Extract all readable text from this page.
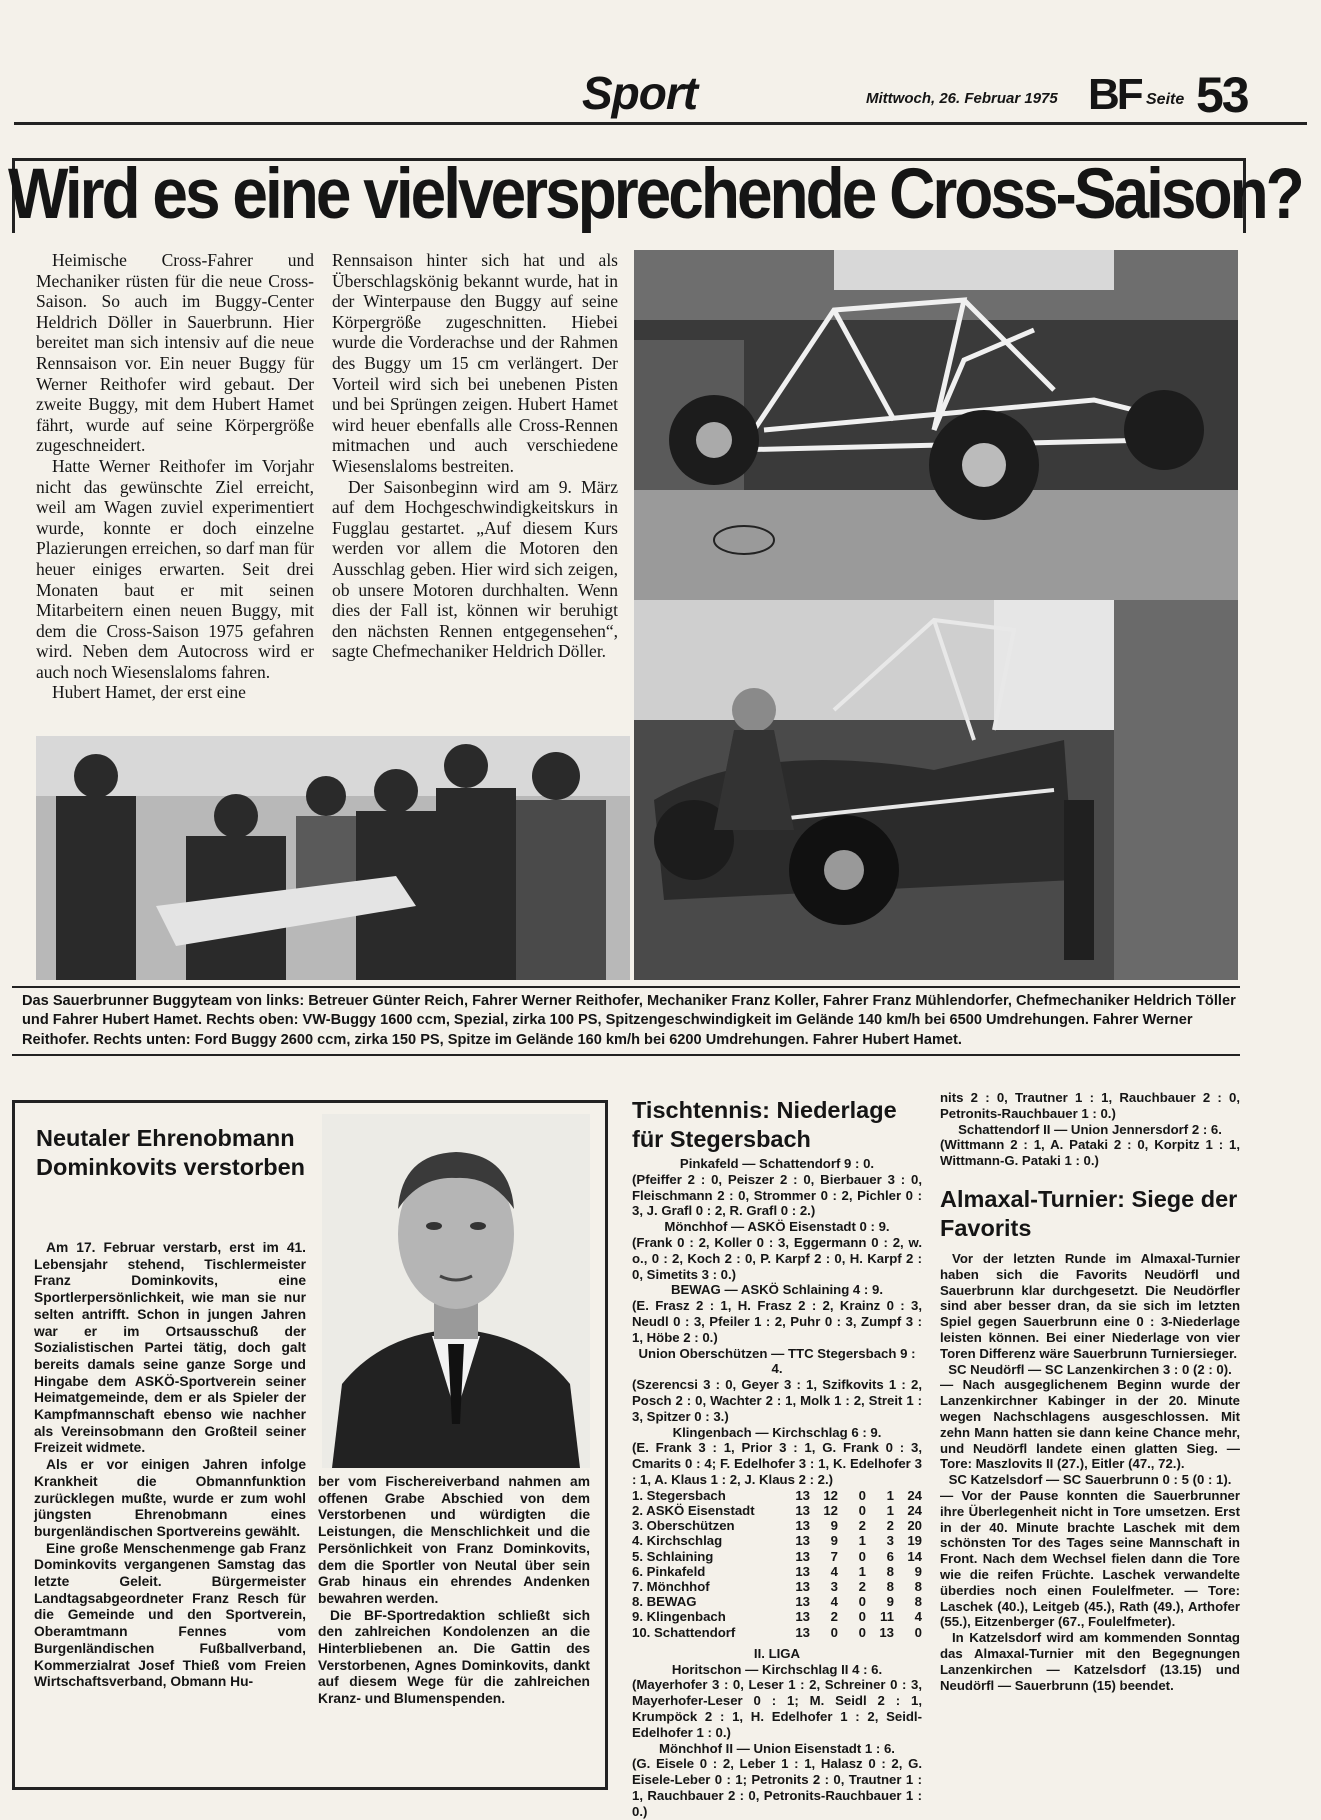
Sport	Mittwoch, 26. Februar 1975 BF Seite 53
Wird es eine vielversprechende Cross-Saison?

Heimische Cross-Fahrer und Mechaniker rüsten für die neue Cross-Saison. So auch im Buggy-Center Heldrich Döller in Sauerbrunn. Hier bereitet man sich intensiv auf die neue Rennsaison vor. Ein neuer Buggy für Werner Reithofer wird gebaut. Der zweite Buggy, mit dem Hubert Hamet fährt, wurde auf seine Körpergröße zugeschneidert.

Hatte Werner Reithofer im Vorjahr nicht das gewünschte Ziel erreicht, weil am Wagen zuviel experimentiert wurde, konnte er doch einzelne Plazierungen erreichen, so darf man für heuer einiges erwarten. Seit drei Monaten baut er mit seinen Mitarbeitern einen neuen Buggy, mit dem die Cross-Saison 1975 gefahren wird. Neben dem Autocross wird er auch noch Wiesenslaloms fahren.

Hubert Hamet, der erst eine

Rennsaison hinter sich hat und als Überschlagskönig bekannt wurde, hat in der Winterpause den Buggy auf seine Körpergröße zugeschnitten. Hiebei wurde die Vorderachse und der Rahmen des Buggy um 15 cm verlängert. Der Vorteil wird sich bei unebenen Pisten und bei Sprüngen zeigen. Hubert Hamet wird heuer ebenfalls alle Cross-Rennen mitmachen und auch verschiedene Wiesenslaloms bestreiten.

Der Saisonbeginn wird am 9. März auf dem Hochgeschwindigkeitskurs in Fugglau gestartet. „Auf diesem Kurs werden vor allem die Motoren den Ausschlag geben. Hier wird sich zeigen, ob unsere Motoren durchhalten. Wenn dies der Fall ist, können wir beruhigt den nächsten Rennen entgegensehen“, sagte Chefmechaniker Heldrich Döller.

Das Sauerbrunner Buggyteam von links: Betreuer Günter Reich, Fahrer Werner Reithofer, Mechaniker Franz Koller, Fahrer Franz Mühlendorfer, Chefmechaniker Heldrich Töller und Fahrer Hubert Hamet. Rechts oben: VW-Buggy 1600 ccm, Spezial, zirka 100 PS, Spitzengeschwindigkeit im Gelände 140 km/h bei 6500 Umdrehungen. Fahrer Werner Reithofer. Rechts unten: Ford Buggy 2600 ccm, zirka 150 PS, Spitze im Gelände 160 km/h bei 6200 Umdrehungen. Fahrer Hubert Hamet.
Neutaler Ehrenobmann Dominkovits verstorben

Am 17. Februar verstarb, erst im 41. Lebensjahr stehend, Tischlermeister Franz Dominkovits, eine Sportlerpersönlichkeit, wie man sie nur selten antrifft. Schon in jungen Jahren war er im Ortsausschuß der Sozialistischen Partei tätig, doch galt bereits damals seine ganze Sorge und Hingabe dem ASKÖ-Sportverein seiner Heimatgemeinde, dem er als Spieler der Kampfmannschaft ebenso wie nachher als Vereinsobmann den Großteil seiner Freizeit widmete.

Als er vor einigen Jahren infolge Krankheit die Obmannfunktion zurücklegen mußte, wurde er zum wohl jüngsten Ehrenobmann eines burgenländischen Sportvereins gewählt.

Eine große Menschenmenge gab Franz Dominkovits vergangenen Samstag das letzte Geleit. Bürgermeister Landtagsabgeordneter Franz Resch für die Gemeinde und den Sportverein, Oberamtmann Fennes vom Burgenländischen Fußballverband, Kommerzialrat Josef Thieß vom Freien Wirtschaftsverband, Obmann Hu-

ber vom Fischereiverband nahmen am offenen Grabe Abschied von dem Verstorbenen und würdigten die Leistungen, die Menschlichkeit und die Persönlichkeit von Franz Dominkovits, dem die Sportler von Neutal über sein Grab hinaus ein ehrendes Andenken bewahren werden.

Die BF-Sportredaktion schließt sich den zahlreichen Kondolenzen an die Hinterbliebenen an. Die Gattin des Verstorbenen, Agnes Dominkovits, dankt auf diesem Wege für die zahlreichen Kranz- und Blumenspenden.

Tischtennis: Niederlage für Stegersbach

Pinkafeld — Schattendorf 9 : 0.

(Pfeiffer 2 : 0, Peiszer 2 : 0, Bierbauer 3 : 0, Fleischmann 2 : 0, Strommer 0 : 2, Pichler 0 : 3, J. Grafl 0 : 2, R. Grafl 0 : 2.)

Mönchhof — ASKÖ Eisenstadt 0 : 9.

(Frank 0 : 2, Koller 0 : 3, Eggermann 0 : 2, w. o., 0 : 2, Koch 2 : 0, P. Karpf 2 : 0, H. Karpf 2 : 0, Simetits 3 : 0.)

BEWAG — ASKÖ Schlaining 4 : 9.

(E. Frasz 2 : 1, H. Frasz 2 : 2, Krainz 0 : 3, Neudl 0 : 3, Pfeiler 1 : 2, Puhr 0 : 3, Zumpf 3 : 1, Höbe 2 : 0.)

Union Oberschützen — TTC Stegersbach 9 : 4.

(Szerencsi 3 : 0, Geyer 3 : 1, Szifkovits 1 : 2, Posch 2 : 0, Wachter 2 : 1, Molk 1 : 2, Streit 1 : 3, Spitzer 0 : 3.)

Klingenbach — Kirchschlag 6 : 9.

(E. Frank 3 : 1, Prior 3 : 1, G. Frank 0 : 3, Cmarits 0 : 4; F. Edelhofer 3 : 1, K. Edelhofer 3 : 1, A. Klaus 1 : 2, J. Klaus 2 : 2.)

1. Stegersbach	13	12	0	1	24
2. ASKÖ Eisenstadt	13	12	0	1	24
3. Oberschützen	13	9	2	2	20
4. Kirchschlag	13	9	1	3	19
5. Schlaining	13	7	0	6	14
6. Pinkafeld	13	4	1	8	9
7. Mönchhof	13	3	2	8	8
8. BEWAG	13	4	0	9	8
9. Klingenbach	13	2	0	11	4
10. Schattendorf	13	0	0	13	0

II. LIGA

Horitschon — Kirchschlag II 4 : 6.

(Mayerhofer 3 : 0, Leser 1 : 2, Schreiner 0 : 3, Mayerhofer-Leser 0 : 1; M. Seidl 2 : 1, Krumpöck 2 : 1, H. Edelhofer 1 : 2, Seidl-Edelhofer 1 : 0.)

Mönchhof II — Union Eisenstadt 1 : 6.

(G. Eisele 0 : 2, Leber 1 : 1, Halasz 0 : 2, G. Eisele-Leber 0 : 1; Petronits 2 : 0, Trautner 1 : 1, Rauchbauer 2 : 0, Petronits-Rauchbauer 1 : 0.)

nits 2 : 0, Trautner 1 : 1, Rauchbauer 2 : 0, Petronits-Rauchbauer 1 : 0.)

Schattendorf II — Union Jennersdorf 2 : 6.

(Wittmann 2 : 1, A. Pataki 2 : 0, Korpitz 1 : 1, Wittmann-G. Pataki 1 : 0.)

Almaxal-Turnier: Siege der Favorits

Vor der letzten Runde im Almaxal-Turnier haben sich die Favorits Neudörfl und Sauerbrunn klar durchgesetzt. Die Neudörfler sind aber besser dran, da sie sich im letzten Spiel gegen Sauerbrunn eine 0 : 3-Niederlage leisten können. Bei einer Niederlage von vier Toren Differenz wäre Sauerbrunn Turniersieger.

SC Neudörfl — SC Lanzenkirchen 3 : 0 (2 : 0).

— Nach ausgeglichenem Beginn wurde der Lanzenkirchner Kabinger in der 20. Minute wegen Nachschlagens ausgeschlossen. Mit zehn Mann hatten sie dann keine Chance mehr, und Neudörfl landete einen glatten Sieg. — Tore: Maszlovits II (27.), Eitler (47., 72.).

SC Katzelsdorf — SC Sauerbrunn 0 : 5 (0 : 1).

— Vor der Pause konnten die Sauerbrunner ihre Überlegenheit nicht in Tore umsetzen. Erst in der 40. Minute brachte Laschek mit dem schönsten Tor des Tages seine Mannschaft in Front. Nach dem Wechsel fielen dann die Tore wie die reifen Früchte. Laschek verwandelte überdies noch einen Foulelfmeter. — Tore: Laschek (40.), Leitgeb (45.), Rath (49.), Arthofer (55.), Eitzenberger (67., Foulelfmeter).

In Katzelsdorf wird am kommenden Sonntag das Almaxal-Turnier mit den Begegnungen Lanzenkirchen — Katzelsdorf (13.15) und Neudörfl — Sauerbrunn (15) beendet.
